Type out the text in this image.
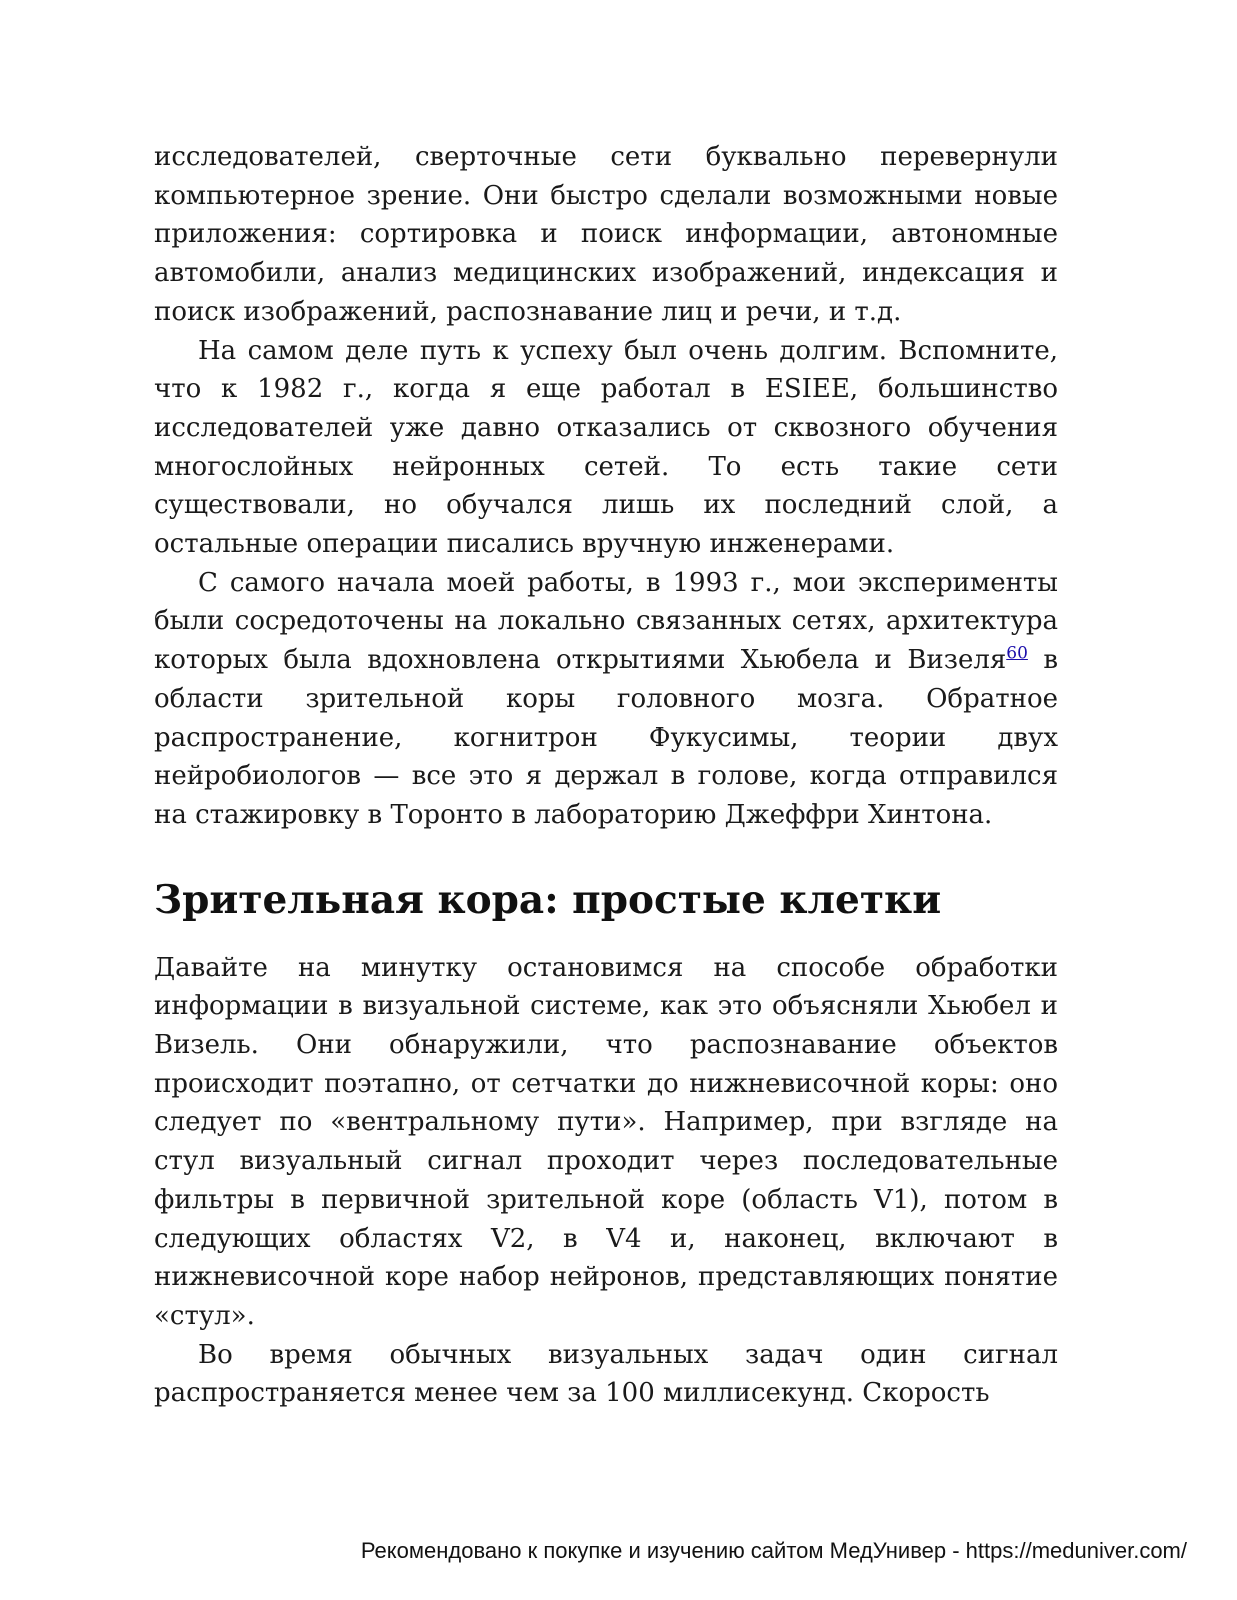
исследователей, сверточные сети буквально перевернули компьютерное зрение. Они быстро сделали возможными новые приложения: сортировка и поиск информации, автономные автомобили, анализ медицинских изображений, индексация и поиск изображений, распознавание лиц и речи, и т.д.

На самом деле путь к успеху был очень долгим. Вспомните, что к 1982 г., когда я еще работал в ESIEE, большинство исследователей уже давно отказались от сквозного обучения многослойных нейронных сетей. То есть такие сети существовали, но обучался лишь их последний слой, а остальные операции писались вручную инженерами.

С самого начала моей работы, в 1993 г., мои эксперименты были сосредоточены на локально связанных сетях, архитектура которых была вдохновлена открытиями Хьюбела и Визеля$^{60}$ в области зрительной коры головного мозга. Обратное распространение, когнитрон Фукусимы, теории двух нейробиологов — все это я держал в голове, когда отправился на стажировку в Торонто в лабораторию Джеффри Хинтона.

Зрительная кора: простые клетки

Давайте на минутку остановимся на способе обработки информации в визуальной системе, как это объясняли Хьюбел и Визель. Они обнаружили, что распознавание объектов происходит поэтапно, от сетчатки до нижневисочной коры: оно следует по «вентральному пути». Например, при взгляде на стул визуальный сигнал проходит через последовательные фильтры в первичной зрительной коре (область V1), потом в следующих областях V2, в V4 и, наконец, включают в нижневисочной коре набор нейронов, представляющих понятие «стул».

Во время обычных визуальных задач один сигнал распространяется менее чем за 100 миллисекунд. Скорость

Рекомендовано к покупке и изучению сайтом МедУнивер - https://meduniver.com/
